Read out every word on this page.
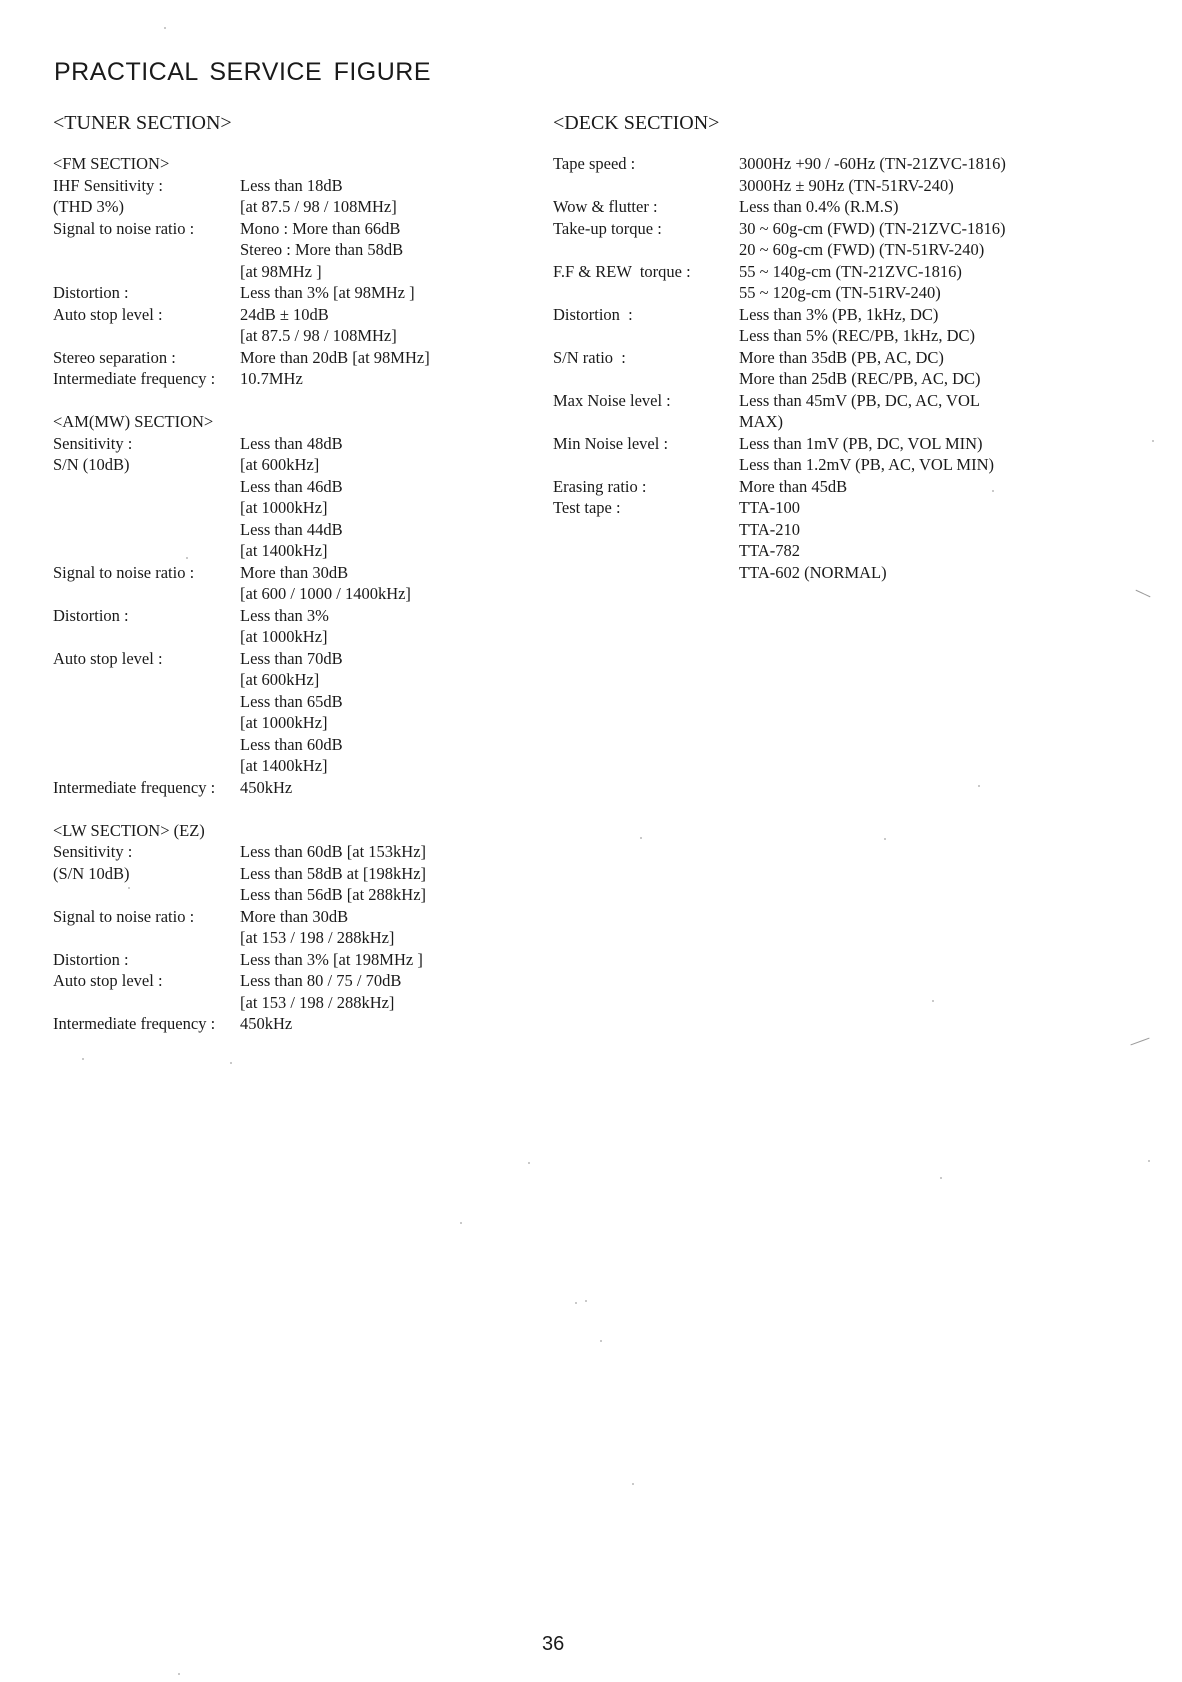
PRACTICAL SERVICE FIGURE
<TUNER SECTION>	<DECK SECTION>
<FM SECTION>
IHF Sensitivity :	Less than 18dB
(THD 3%)	[at 87.5 / 98 / 108MHz]
Signal to noise ratio :	Mono : More than 66dB
Stereo : More than 58dB
[at 98MHz ]
Distortion :	Less than 3% [at 98MHz ]
Auto stop level :	24dB ± 10dB
[at 87.5 / 98 / 108MHz]
Stereo separation :	More than 20dB [at 98MHz]
Intermediate frequency :	10.7MHz
<AM(MW) SECTION>
Sensitivity :	Less than 48dB
S/N (10dB)	[at 600kHz]
Less than 46dB
[at 1000kHz]
Less than 44dB
[at 1400kHz]
Signal to noise ratio :	More than 30dB
[at 600 / 1000 / 1400kHz]
Distortion :	Less than 3%
[at 1000kHz]
Auto stop level :	Less than 70dB
[at 600kHz]
Less than 65dB
[at 1000kHz]
Less than 60dB
[at 1400kHz]
Intermediate frequency :	450kHz
<LW SECTION> (EZ)
Sensitivity :	Less than 60dB [at 153kHz]
(S/N 10dB)	Less than 58dB at [198kHz]
Less than 56dB [at 288kHz]
Signal to noise ratio :	More than 30dB
[at 153 / 198 / 288kHz]
Distortion :	Less than 3% [at 198MHz ]
Auto stop level :	Less than 80 / 75 / 70dB
[at 153 / 198 / 288kHz]
Intermediate frequency :	450kHz
Tape speed :	3000Hz +90 / -60Hz (TN-21ZVC-1816)
3000Hz ± 90Hz (TN-51RV-240)
Wow & flutter :	Less than 0.4% (R.M.S)
Take-up torque :	30 ~ 60g-cm (FWD) (TN-21ZVC-1816)
20 ~ 60g-cm (FWD) (TN-51RV-240)
F.F & REW  torque :	55 ~ 140g-cm (TN-21ZVC-1816)
55 ~ 120g-cm (TN-51RV-240)
Distortion  :	Less than 3% (PB, 1kHz, DC)
Less than 5% (REC/PB, 1kHz, DC)
S/N ratio  :	More than 35dB (PB, AC, DC)
More than 25dB (REC/PB, AC, DC)
Max Noise level :	Less than 45mV (PB, DC, AC, VOL
MAX)
Min Noise level :	Less than 1mV (PB, DC, VOL MIN)
Less than 1.2mV (PB, AC, VOL MIN)
Erasing ratio :	More than 45dB
Test tape :	TTA-100
TTA-210
TTA-782
TTA-602 (NORMAL)
36
